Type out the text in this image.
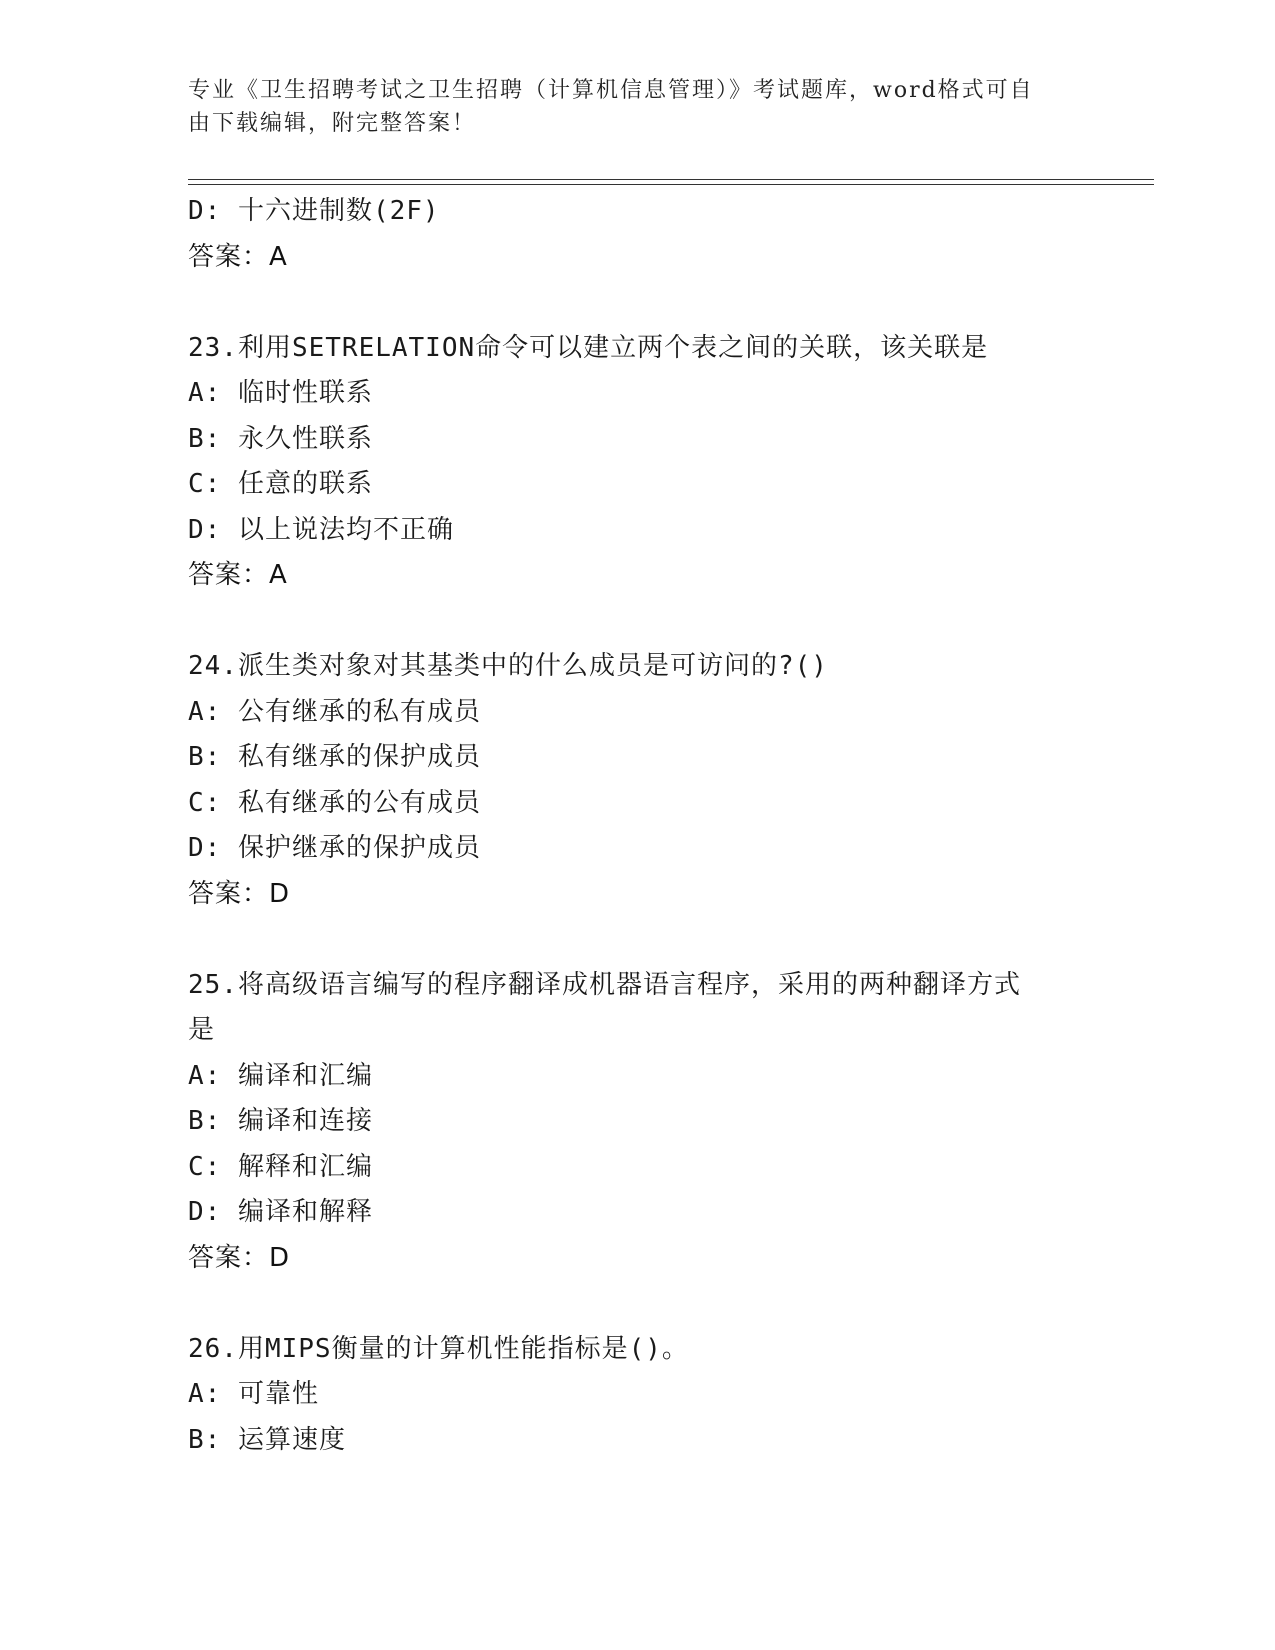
专业《卫生招聘考试之卫生招聘（计算机信息管理）》考试题库，word格式可自
由下载编辑，附完整答案！
D: 十六进制数(2F)
答案：A
23.利用SETRELATION命令可以建立两个表之间的关联，该关联是
A: 临时性联系
B: 永久性联系
C: 任意的联系
D: 以上说法均不正确
答案：A
24.派生类对象对其基类中的什么成员是可访问的?()
A: 公有继承的私有成员
B: 私有继承的保护成员
C: 私有继承的公有成员
D: 保护继承的保护成员
答案：D
25.将高级语言编写的程序翻译成机器语言程序，采用的两种翻译方式
是
A: 编译和汇编
B: 编译和连接
C: 解释和汇编
D: 编译和解释
答案：D
26.用MIPS衡量的计算机性能指标是()。
A: 可靠性
B: 运算速度
